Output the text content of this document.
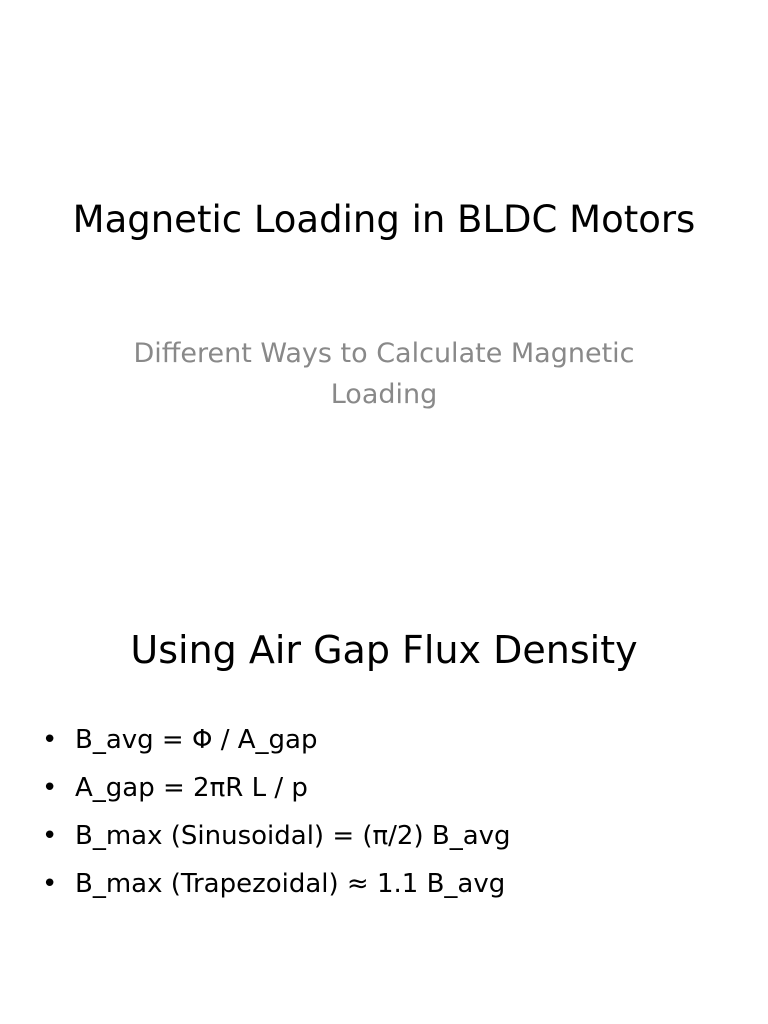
Magnetic Loading in BLDC Motors

Different Ways to Calculate Magnetic Loading

Using Air Gap Flux Density
• B_avg = Φ / A_gap
• A_gap = 2πR L / p
• B_max (Sinusoidal) = (π/2) B_avg
• B_max (Trapezoidal) ≈ 1.1 B_avg
